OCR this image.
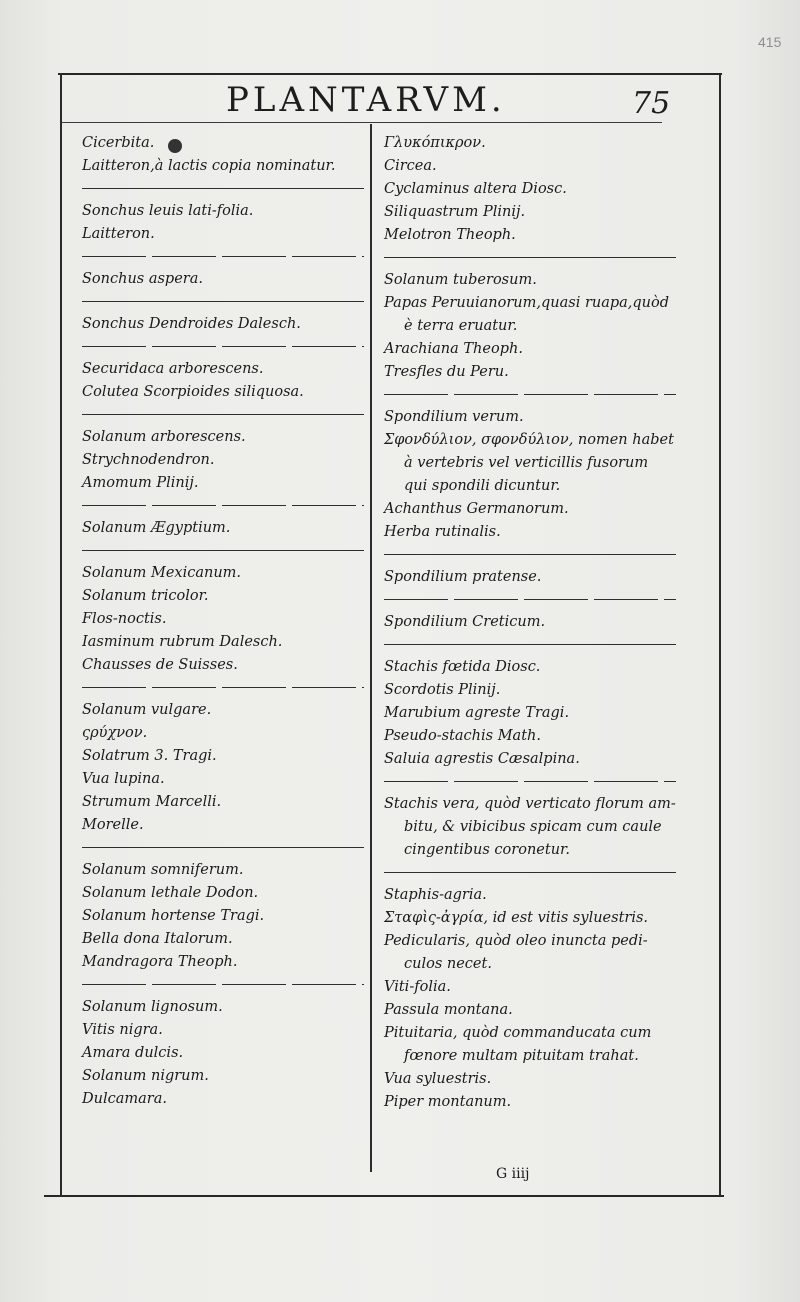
415
PLANTARVM.	75
Cicerbita.
Laitteron,à lactis copia nominatur.
Sonchus leuis lati-folia.
Laitteron.
Sonchus aspera.
Sonchus Dendroides Dalesch.
Securidaca arborescens.
Colutea Scorpioides siliquosa.
Solanum arborescens.
Strychnodendron.
Amomum Plinij.
Solanum Ægyptium.
Solanum Mexicanum.
Solanum tricolor.
Flos-noctis.
Iasminum rubrum Dalesch.
Chausses de Suisses.
Solanum vulgare.
ςρύχνον.
Solatrum 3. Tragi.
Vua lupina.
Strumum Marcelli.
Morelle.
Solanum somniferum.
Solanum lethale Dodon.
Solanum hortense Tragi.
Bella dona Italorum.
Mandragora Theoph.
Solanum lignosum.
Vitis nigra.
Amara dulcis.
Solanum nigrum.
Dulcamara.
Γλυκόπικρον.
Circea.
Cyclaminus altera Diosc.
Siliquastrum Plinij.
Melotron Theoph.
Solanum tuberosum.
Papas Peruuianorum,quasi ruapa,quòd
è terra eruatur.
Arachiana Theoph.
Tresfles du Peru.
Spondilium verum.
Σφονδύλιον, σφονδύλιον, nomen habet
à vertebris vel verticillis fusorum
qui spondili dicuntur.
Achanthus Germanorum.
Herba rutinalis.
Spondilium pratense.
Spondilium Creticum.
Stachis fœtida Diosc.
Scordotis Plinij.
Marubium agreste Tragi.
Pseudo-stachis Math.
Saluia agrestis Cæsalpina.
Stachis vera, quòd verticato florum am-
bitu, & vibicibus spicam cum caule
cingentibus coronetur.
Staphis-agria.
Σταφὶς-ἀγρία, id est vitis syluestris.
Pedicularis, quòd oleo inuncta pedi-
culos necet.
Viti-folia.
Passula montana.
Pituitaria, quòd commanducata cum
fœnore multam pituitam trahat.
Vua syluestris.
Piper montanum.
G iiij
